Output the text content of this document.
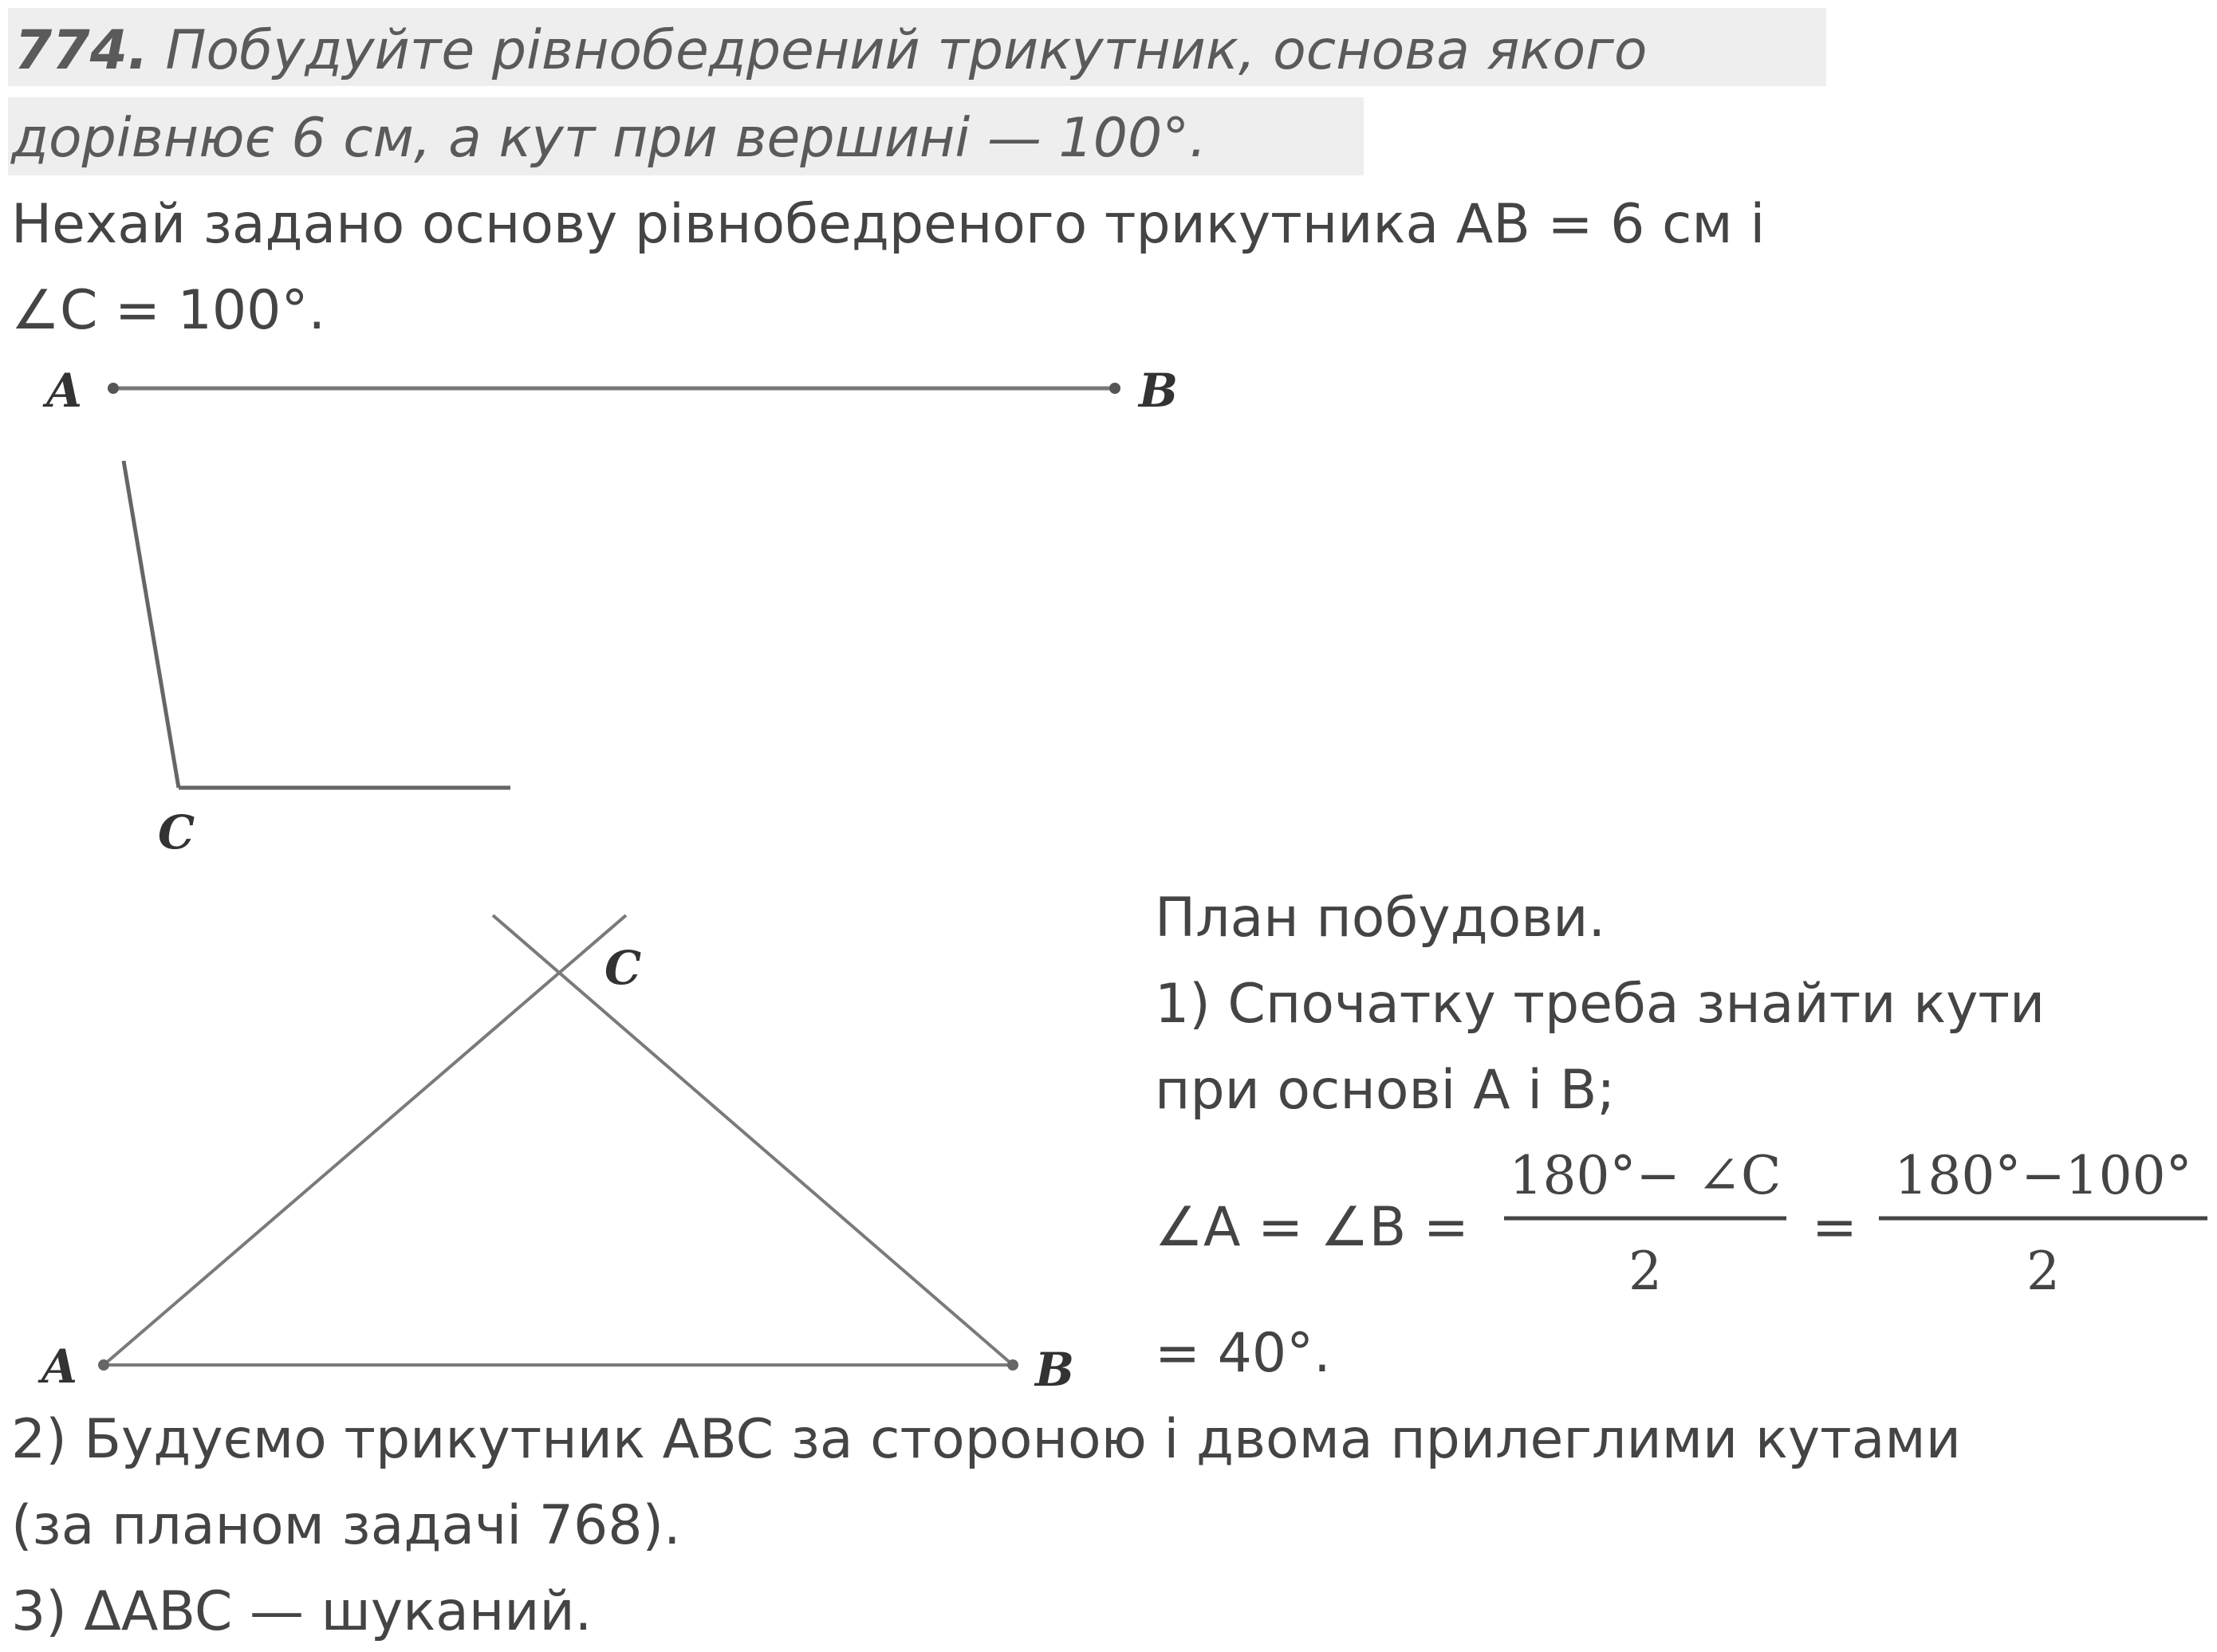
774. Побудуйте рівнобедрений трикутник, основа якого
дорівнює 6 см, а кут при вершині — 100°.
Нехай задано основу рівнобедреного трикутника AB = 6 см і
∠C = 100°.
A	B
C
A	B
C
План побудови.
1) Спочатку треба знайти кути
при основі A і B;
∠A = ∠B =
180°− ∠C
2
=
180°−100°
2
= 40°.
2) Будуємо трикутник ABC за стороною і двома прилеглими кутами
(за планом задачі 768).
3) ΔABC — шуканий.
